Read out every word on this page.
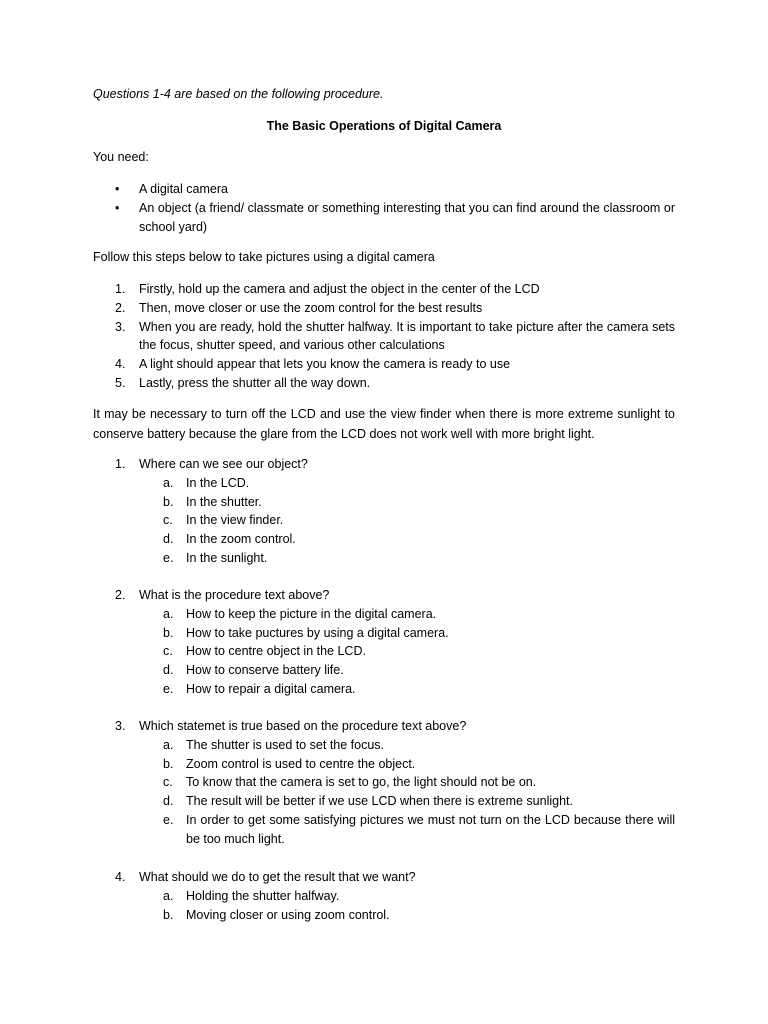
Questions 1-4 are based on the following procedure.
The Basic Operations of Digital Camera
You need:
• A digital camera
• An object (a friend/ classmate or something interesting that you can find around the classroom or school yard)
Follow this steps below to take pictures using a digital camera
1. Firstly, hold up the camera and adjust the object in the center of the LCD
2. Then, move closer or use the zoom control for the best results
3. When you are ready, hold the shutter halfway. It is important to take picture after the camera sets the focus, shutter speed, and various other calculations
4. A light should appear that lets you know the camera is ready to use
5. Lastly, press the shutter all the way down.
It may be necessary to turn off the LCD and use the view finder when there is more extreme sunlight to conserve battery because the glare from the LCD does not work well with more bright light.
1. Where can we see our object?
a. In the LCD.
b. In the shutter.
c. In the view finder.
d. In the zoom control.
e. In the sunlight.
2. What is the procedure text above?
a. How to keep the picture in the digital camera.
b. How to take puctures by using a digital camera.
c. How to centre object in the LCD.
d. How to conserve battery life.
e. How to repair a digital camera.
3. Which statemet is true based on the procedure text above?
a. The shutter is used to set the focus.
b. Zoom control is used to centre the object.
c. To know that the camera is set to go, the light should not be on.
d. The result will be better if we use LCD when there is extreme sunlight.
e. In order to get some satisfying pictures we must not turn on the LCD because there will be too much light.
4. What should we do to get the result that we want?
a. Holding the shutter halfway.
b. Moving closer or using zoom control.
